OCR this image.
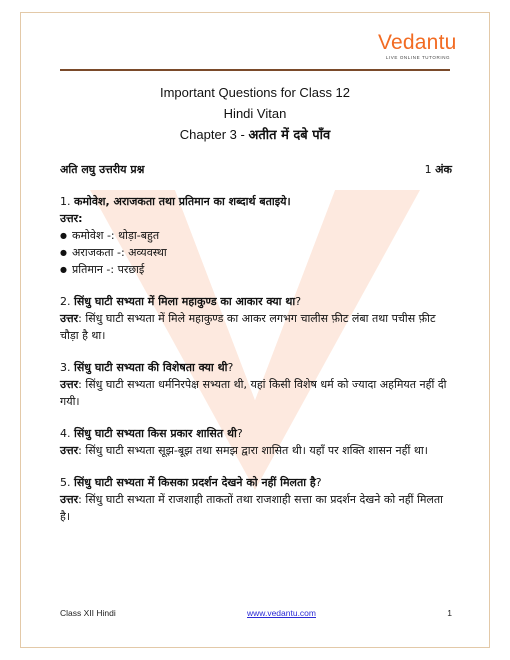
Vedantu
LIVE ONLINE TUTORING
Important Questions for Class 12
Hindi Vitan
Chapter 3 - अतीत में दबे पाँव
अति लघु उत्तरीय प्रश्न	1 अंक
1. कमोवेश, अराजकता तथा प्रतिमान का शब्दार्थ बताइये।
उत्तर:
● कमोवेश -: थोड़ा-बहुत
● अराजकता -: अव्यवस्था
● प्रतिमान -: परछाई
2. सिंधु घाटी सभ्यता में मिला महाकुण्ड का आकार क्या था?
उत्तर: सिंधु घाटी सभ्यता में मिले महाकुण्ड का आकर लगभग चालीस फ़ीट लंबा तथा पचीस फ़ीट चौड़ा है था।
3. सिंधु घाटी सभ्यता की विशेषता क्या थी?
उत्तर: सिंधु घाटी सभ्यता धर्मनिरपेक्ष सभ्यता थी, यहां किसी विशेष धर्म को ज्यादा अहमियत नहीं दी गयी।
4. सिंधु घाटी सभ्यता किस प्रकार शासित थी?
उत्तर: सिंधु घाटी सभ्यता सूझ-बूझ तथा समझ द्वारा शासित थी। यहाँ पर शक्ति शासन नहीं था।
5. सिंधु घाटी सभ्यता में किसका प्रदर्शन देखने को नहीं मिलता है?
उत्तर: सिंधु घाटी सभ्यता में राजशाही ताकतों तथा राजशाही सत्ता का प्रदर्शन देखने को नहीं मिलता है।
Class XII Hindi	www.vedantu.com	1
